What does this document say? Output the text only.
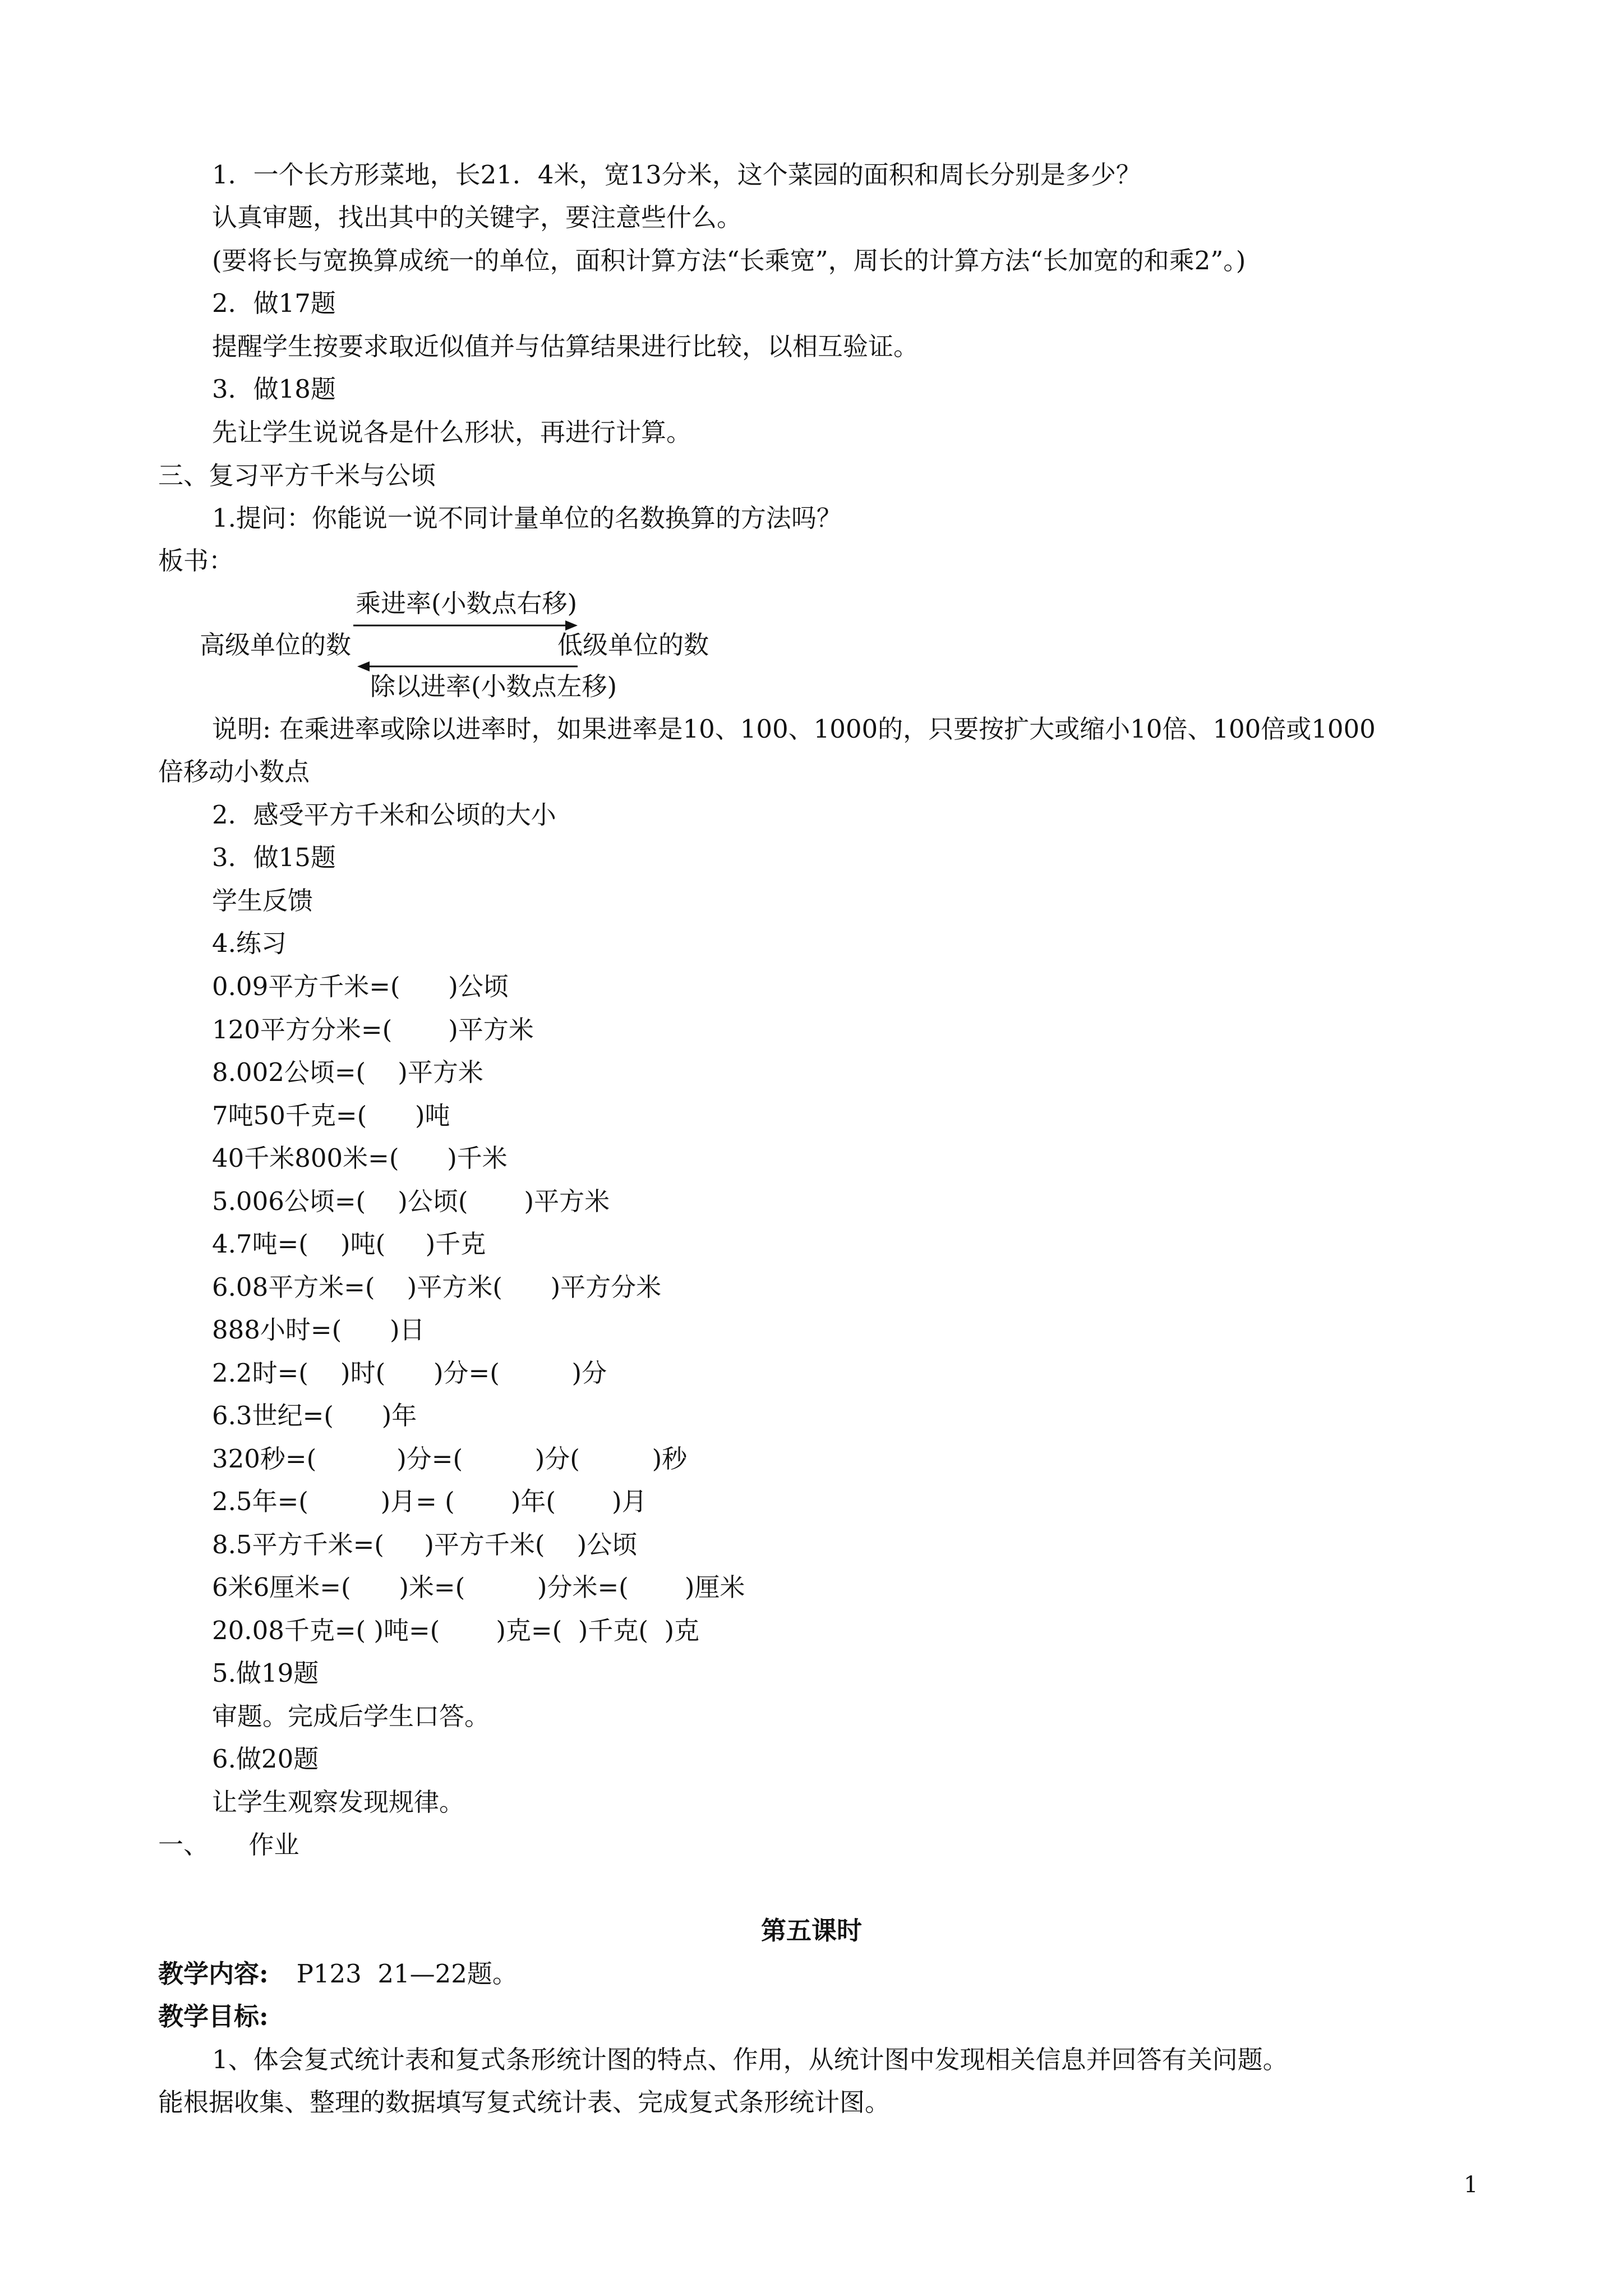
1．一个长方形菜地，长21．4米，宽13分米，这个菜园的面积和周长分别是多少？

认真审题，找出其中的关键字，要注意些什么。

(要将长与宽换算成统一的单位，面积计算方法“长乘宽”，周长的计算方法“长加宽的和乘2”。)

2．做17题

提醒学生按要求取近似值并与估算结果进行比较，以相互验证。

3．做18题

先让学生说说各是什么形状，再进行计算。

三、复习平方千米与公顷

1.提问：你能说一说不同计量单位的名数换算的方法吗？

板书：

乘进率(小数点右移)
高级单位的数	低级单位的数
除以进率(小数点左移)

说明: 在乘进率或除以进率时，如果进率是10、100、1000的，只要按扩大或缩小10倍、100倍或1000

倍移动小数点

2．感受平方千米和公顷的大小

3．做15题

学生反馈

4.练习

0.09平方千米=(      )公顷

120平方分米=(       )平方米

8.002公顷=(    )平方米

7吨50千克=(      )吨

40千米800米=(      )千米

5.006公顷=(    )公顷(       )平方米

4.7吨=(    )吨(     )千克

6.08平方米=(    )平方米(      )平方分米

888小时=(      )日

2.2时=(    )时(      )分=(         )分

6.3世纪=(      )年

320秒=(          )分=(         )分(         )秒

2.5年=(         )月= (       )年(       )月

8.5平方千米=(     )平方千米(    )公顷

6米6厘米=(      )米=(         )分米=(       )厘米

20.08千克=( )吨=(       )克=(  )千克(  )克

5.做19题

审题。完成后学生口答。

6.做20题

让学生观察发现规律。

一、     作业

第五课时

教学内容: P123  21—22题。

教学目标:

1、体会复式统计表和复式条形统计图的特点、作用，从统计图中发现相关信息并回答有关问题。

能根据收集、整理的数据填写复式统计表、完成复式条形统计图。

1
